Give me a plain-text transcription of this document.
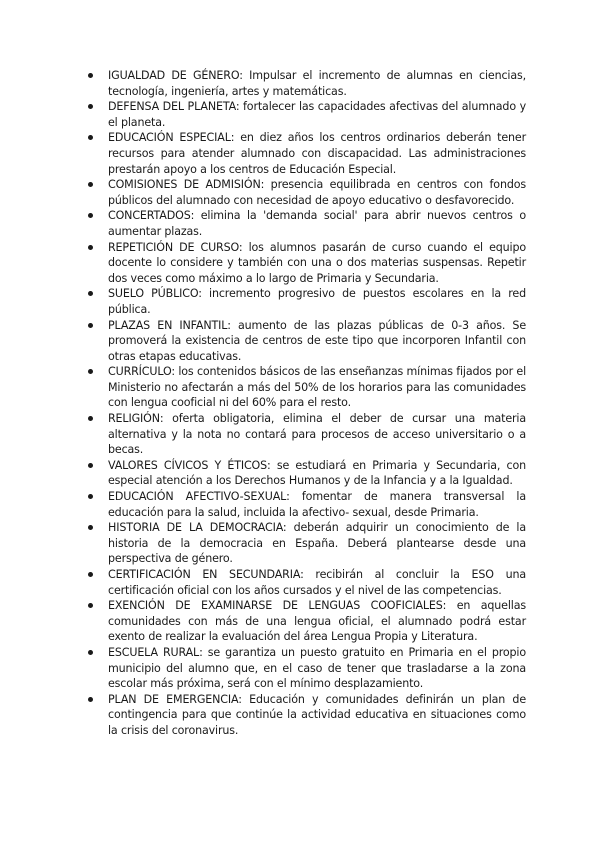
IGUALDAD DE GÉNERO: Impulsar el incremento de alumnas en ciencias, tecnología, ingeniería, artes y matemáticas.
DEFENSA DEL PLANETA: fortalecer las capacidades afectivas del alumnado y el planeta.
EDUCACIÓN ESPECIAL: en diez años los centros ordinarios deberán tener recursos para atender alumnado con discapacidad. Las administraciones prestarán apoyo a los centros de Educación Especial.
COMISIONES DE ADMISIÓN: presencia equilibrada en centros con fondos públicos del alumnado con necesidad de apoyo educativo o desfavorecido.
CONCERTADOS: elimina la 'demanda social' para abrir nuevos centros o aumentar plazas.
REPETICIÓN DE CURSO: los alumnos pasarán de curso cuando el equipo docente lo considere y también con una o dos materias suspensas. Repetir dos veces como máximo a lo largo de Primaria y Secundaria.
SUELO PÚBLICO: incremento progresivo de puestos escolares en la red pública.
PLAZAS EN INFANTIL: aumento de las plazas públicas de 0-3 años. Se promoverá la existencia de centros de este tipo que incorporen Infantil con otras etapas educativas.
CURRÍCULO: los contenidos básicos de las enseñanzas mínimas fijados por el Ministerio no afectarán a más del 50% de los horarios para las comunidades con lengua cooficial ni del 60% para el resto.
RELIGIÓN: oferta obligatoria, elimina el deber de cursar una materia alternativa y la nota no contará para procesos de acceso universitario o a becas.
VALORES CÍVICOS Y ÉTICOS: se estudiará en Primaria y Secundaria, con especial atención a los Derechos Humanos y de la Infancia y a la Igualdad.
EDUCACIÓN AFECTIVO-SEXUAL: fomentar de manera transversal la educación para la salud, incluida la afectivo- sexual, desde Primaria.
HISTORIA DE LA DEMOCRACIA: deberán adquirir un conocimiento de la historia de la democracia en España. Deberá plantearse desde una perspectiva de género.
CERTIFICACIÓN EN SECUNDARIA: recibirán al concluir la ESO una certificación oficial con los años cursados y el nivel de las competencias.
EXENCIÓN DE EXAMINARSE DE LENGUAS COOFICIALES: en aquellas comunidades con más de una lengua oficial, el alumnado podrá estar exento de realizar la evaluación del área Lengua Propia y Literatura.
ESCUELA RURAL: se garantiza un puesto gratuito en Primaria en el propio municipio del alumno que, en el caso de tener que trasladarse a la zona escolar más próxima, será con el mínimo desplazamiento.
PLAN DE EMERGENCIA: Educación y comunidades definirán un plan de contingencia para que continúe la actividad educativa en situaciones como la crisis del coronavirus.
